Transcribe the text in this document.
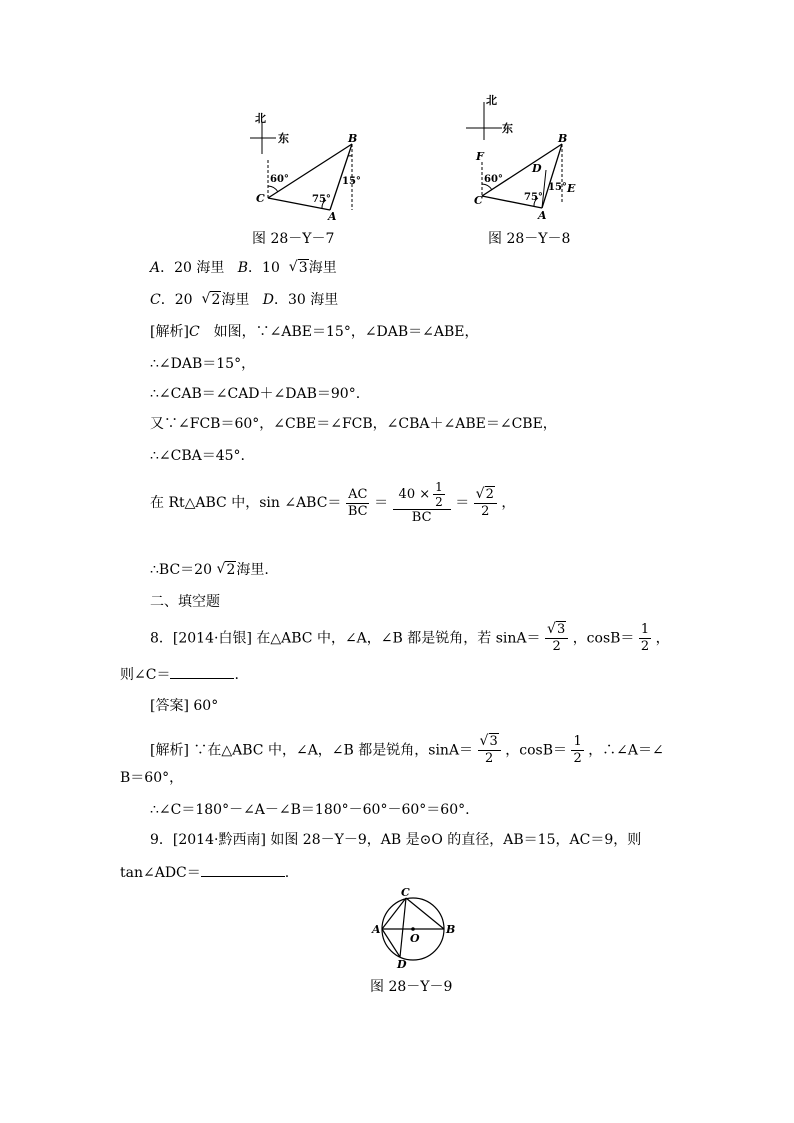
北
东	B
C
A
60°
75°
15°
图 28－Y－7
北
东
B
F
D
C
A
E
60°
75°
15°
图 28－Y－8
A．20 海里 B．10 √ 3海里
C．20 √ 2海里 D．30 海里
[解析]C　如图，∵∠ABE＝15°，∠DAB＝∠ABE，
∴∠DAB＝15°，
∴∠CAB＝∠CAD＋∠DAB＝90°.
又∵∠FCB＝60°，∠CBE＝∠FCB，∠CBA＋∠ABE＝∠CBE，
∴∠CBA＝45°.
在 Rt△ABC 中，sin ∠ABC＝ $\frac{AC}{BC} = \frac{40 \times \frac{1}{2}}{BC}$ ＝ √ $\frac{2}{2}$ ，
∴BC＝20 √ 2海里.
二、填空题
8．[2014·白银] 在△ABC 中，∠A，∠B 都是锐角，若 sinA＝ √ $\frac{3}{2}$ ，$\cos B= \frac{1}{2}$ ，
则∠C＝	.
[答案] 60°
[解析] ∵在△ABC 中，∠A，∠B 都是锐角，sinA＝ √ $\frac{3}{2}$ ，$\cos B= \frac{1}{2}$ ，∴∠A＝∠
B＝60°，
∴∠C＝180°－∠A－∠B＝180°－60°－60°＝60°.
9．[2014·黔西南] 如图 28－Y－9，AB 是⊙O 的直径，AB＝15，AC＝9，则
tan∠ADC＝	.
C
A	B
O
D
图 28－Y－9
